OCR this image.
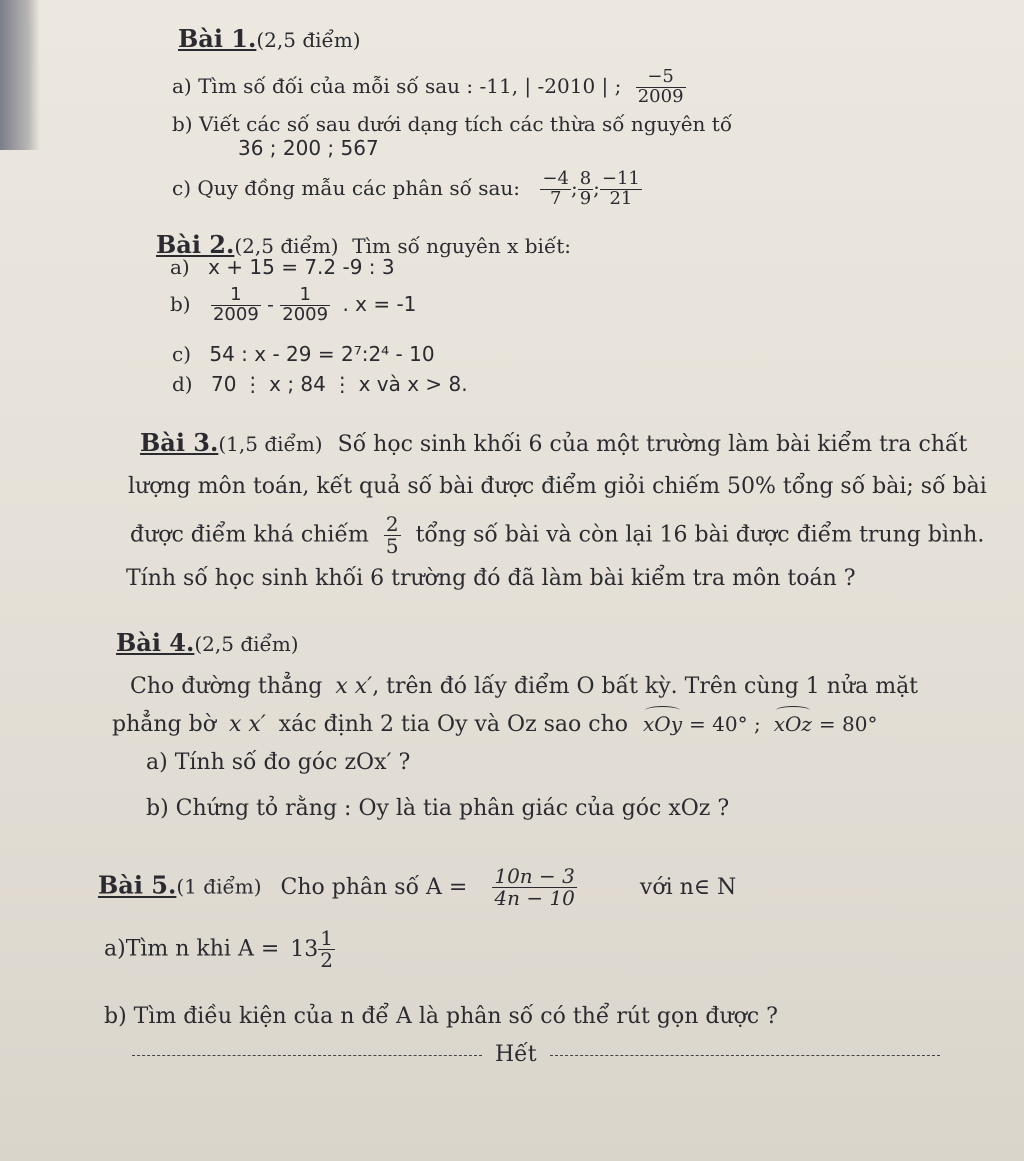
Bài 1.(2,5 điểm)
a) Tìm số đối của mỗi số sau : -11, | -2010 | ; $\frac{-5}{2009}$
b) Viết các số sau dưới dạng tích các thừa số nguyên tố
36 ; 200 ; 567
c) Quy đồng mẫu các phân số sau: $\frac{-4}{7}$ ; $\frac{8}{9}$ ; $\frac{-11}{21}$
Bài 2.(2,5 điểm) Tìm số nguyên x biết:
a) x + 15 = 7.2 -9 : 3
$b) \frac{1}{2009} - \frac{1}{2009}$ . x = -1
c) 54 : x - 29 = 2⁷:2⁴ - 10
d) 70 ⋮ x ; 84 ⋮ x và x > 8.
Bài 3.(1,5 điểm) Số học sinh khối 6 của một trường làm bài kiểm tra chất
lượng môn toán, kết quả số bài được điểm giỏi chiếm 50% tổng số bài; số bài
được điểm khá chiếm $\frac{2}{5}$ tổng số bài và còn lại 16 bài được điểm trung bình.
Tính số học sinh khối 6 trường đó đã làm bài kiểm tra môn toán ?
Bài 4.(2,5 điểm)
Cho đường thẳng x x′, trên đó lấy điểm O bất kỳ. Trên cùng 1 nửa mặt
phẳng bờ x x′ xác định 2 tia Oy và Oz sao cho xOy = 40° ; xOz = 80°
a) Tính số đo góc zOx′ ?
b) Chứng tỏ rằng : Oy là tia phân giác của góc xOz ?
Bài 5.(1 điểm) Cho phân số $A = \frac{10n - 3}{4n - 10}$	với n∈ N
a)Tìm n khi $A = 13 \frac{1}{2}$
b) Tìm điều kiện của n để A là phân số có thể rút gọn được ?
Hết
